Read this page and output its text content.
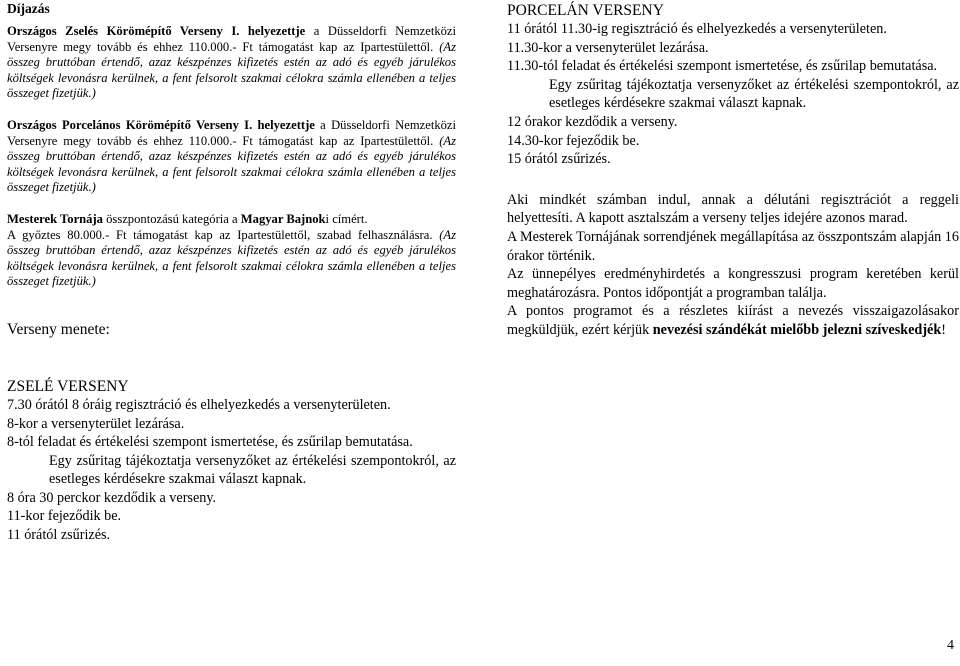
Díjazás

Országos Zselés Körömépítő Verseny I. helyezettje a Düsseldorfi Nemzetközi Versenyre megy tovább és ehhez 110.000.- Ft támogatást kap az Ipartestülettől. (Az összeg bruttóban értendő, azaz készpénzes kifizetés estén az adó és egyéb járulékos költségek levonásra kerülnek, a fent felsorolt szakmai célokra számla ellenében a teljes összeget fizetjük.)

Országos Porcelános Körömépítő Verseny I. helyezettje a Düsseldorfi Nemzetközi Versenyre megy tovább és ehhez 110.000.- Ft támogatást kap az Ipartestülettől. (Az összeg bruttóban értendő, azaz készpénzes kifizetés estén az adó és egyéb járulékos költségek levonásra kerülnek, a fent felsorolt szakmai célokra számla ellenében a teljes összeget fizetjük.)

Mesterek Tornája összpontozású kategória a Magyar Bajnoki címért.
A győztes 80.000.- Ft támogatást kap az Ipartestülettől, szabad felhasználásra. (Az összeg bruttóban értendő, azaz készpénzes kifizetés estén az adó és egyéb járulékos költségek levonásra kerülnek, a fent felsorolt szakmai célokra számla ellenében a teljes összeget fizetjük.)

Verseny menete:
ZSELÉ VERSENY

7.30 órától 8 óráig regisztráció és elhelyezkedés a versenyterületen.

8-kor a versenyterület lezárása.

8-tól feladat és értékelési szempont ismertetése, és zsűrilap bemutatása.

Egy zsűritag tájékoztatja versenyzőket az értékelési szempontokról, az esetleges kérdésekre szakmai választ kapnak.

8 óra 30 perckor kezdődik a verseny.

11-kor fejeződik be.

11 órától zsűrizés.

PORCELÁN VERSENY

11 órától 11.30-ig regisztráció és elhelyezkedés a versenyterületen.

11.30-kor a versenyterület lezárása.

11.30-tól feladat és értékelési szempont ismertetése, és zsűrilap bemutatása.

Egy zsűritag tájékoztatja versenyzőket az értékelési szempontokról, az esetleges kérdésekre szakmai választ kapnak.

12 órakor kezdődik a verseny.

14.30-kor fejeződik be.

15 órától zsűrizés.

Aki mindkét számban indul, annak a délutáni regisztrációt a reggeli helyettesíti. A kapott asztalszám a verseny teljes idejére azonos marad.

A Mesterek Tornájának sorrendjének megállapítása az összpontszám alapján 16 órakor történik.

Az ünnepélyes eredményhirdetés a kongresszusi program keretében kerül meghatározásra. Pontos időpontját a programban találja.

A pontos programot és a részletes kiírást a nevezés visszaigazolásakor megküldjük, ezért kérjük nevezési szándékát mielőbb jelezni szíveskedjék!

4
